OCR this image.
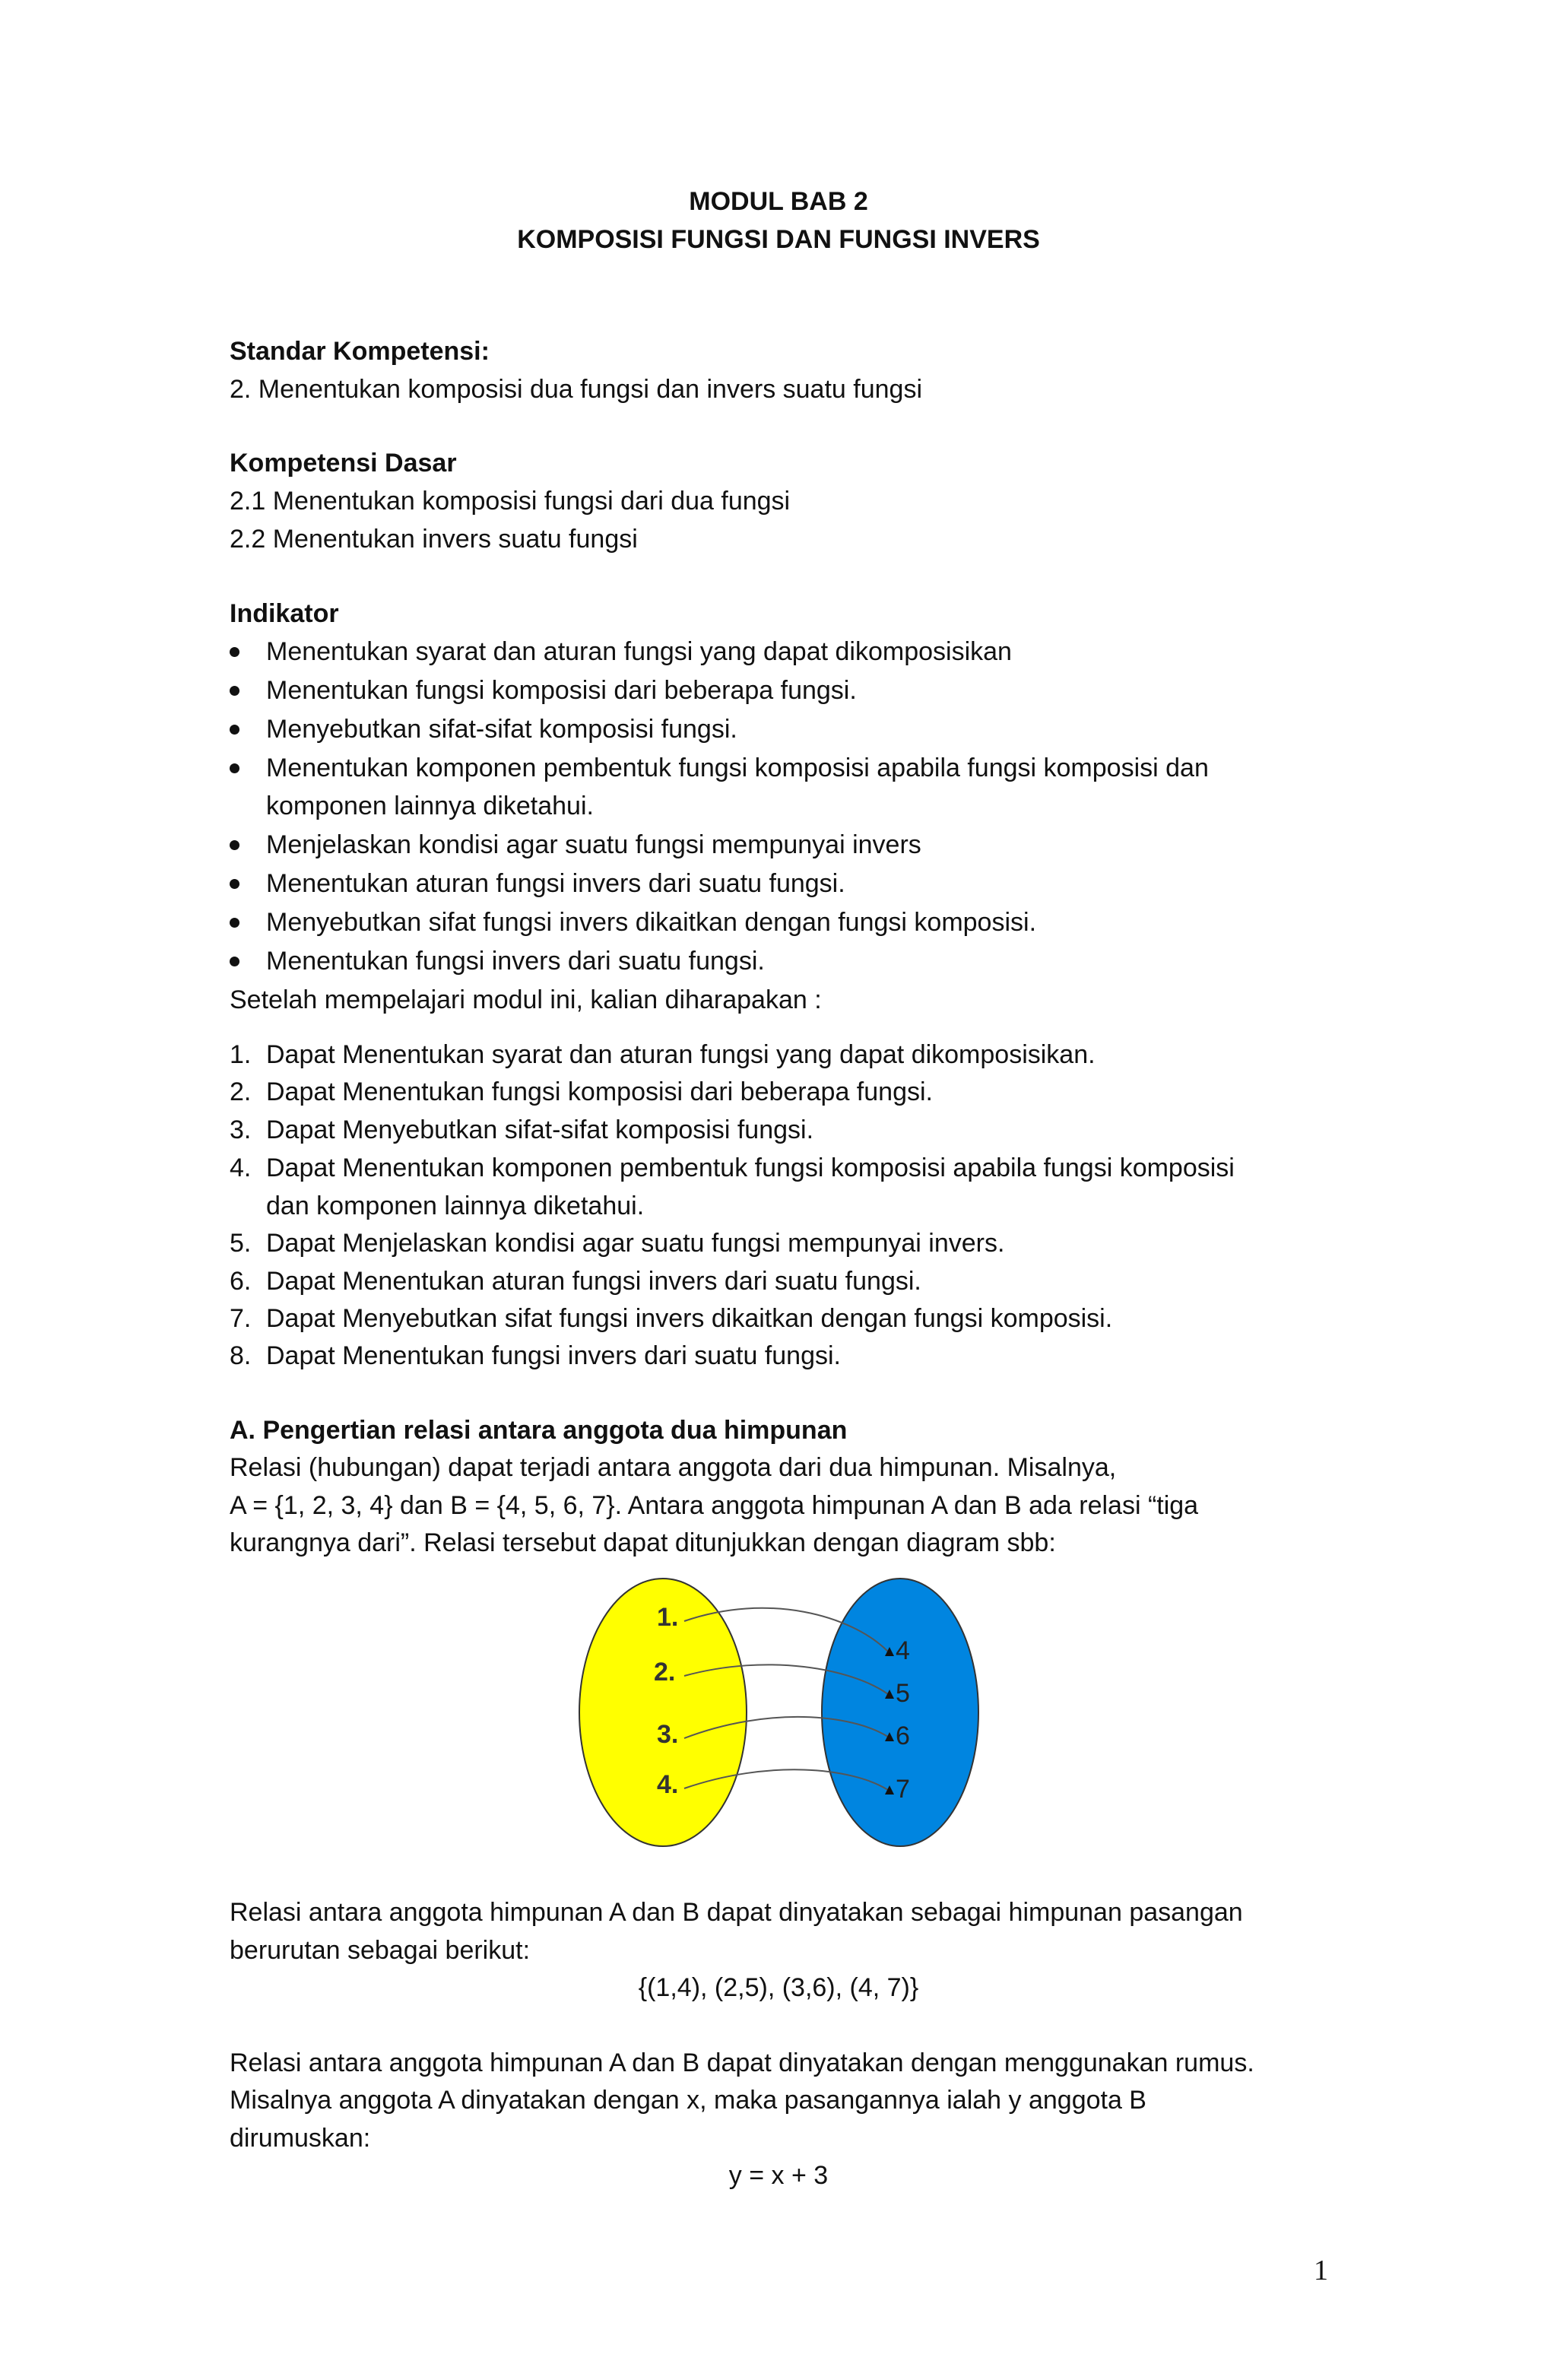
MODUL BAB 2
KOMPOSISI FUNGSI DAN FUNGSI INVERS
Standar Kompetensi:
2. Menentukan komposisi dua fungsi dan invers suatu fungsi
Kompetensi Dasar
2.1 Menentukan komposisi fungsi dari dua fungsi
2.2 Menentukan invers suatu fungsi
Indikator
Menentukan syarat dan aturan fungsi yang dapat dikomposisikan
Menentukan fungsi komposisi dari beberapa fungsi.
Menyebutkan sifat-sifat komposisi fungsi.
Menentukan komponen pembentuk fungsi komposisi apabila fungsi komposisi dan
komponen lainnya diketahui.
Menjelaskan kondisi agar suatu fungsi mempunyai invers
Menentukan aturan fungsi invers dari suatu fungsi.
Menyebutkan sifat fungsi invers dikaitkan dengan fungsi komposisi.
Menentukan fungsi invers dari suatu fungsi.
Setelah mempelajari modul ini, kalian diharapakan :
1. Dapat Menentukan syarat dan aturan fungsi yang dapat dikomposisikan.
2. Dapat Menentukan fungsi komposisi dari beberapa fungsi.
3. Dapat Menyebutkan sifat-sifat komposisi fungsi.
4. Dapat Menentukan komponen pembentuk fungsi komposisi apabila fungsi komposisi
dan komponen lainnya diketahui.
5. Dapat Menjelaskan kondisi agar suatu fungsi mempunyai invers.
6. Dapat Menentukan aturan fungsi invers dari suatu fungsi.
7. Dapat Menyebutkan sifat fungsi invers dikaitkan dengan fungsi komposisi.
8. Dapat Menentukan fungsi invers dari suatu fungsi.
A. Pengertian relasi antara anggota dua himpunan
Relasi (hubungan) dapat terjadi antara anggota dari dua himpunan. Misalnya,
A = {1, 2, 3, 4} dan B = {4, 5, 6, 7}. Antara anggota himpunan A dan B ada relasi “tiga
kurangnya dari”. Relasi tersebut dapat ditunjukkan dengan diagram sbb:
1.
2.
3.
4.
4
5
6
7
Relasi antara anggota himpunan A dan B dapat dinyatakan sebagai himpunan pasangan
berurutan sebagai berikut:
{(1,4), (2,5), (3,6), (4, 7)}
Relasi antara anggota himpunan A dan B dapat dinyatakan dengan menggunakan rumus.
Misalnya anggota A dinyatakan dengan x, maka pasangannya ialah y anggota B
dirumuskan:
y = x + 3
1
